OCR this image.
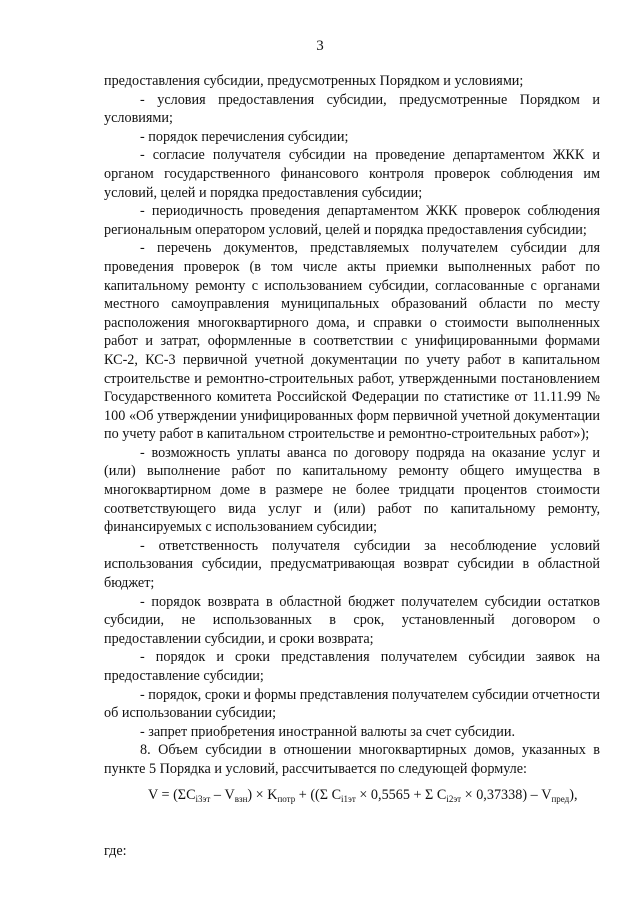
3

предоставления субсидии, предусмотренных Порядком и условиями;

- условия предоставления субсидии, предусмотренные Порядком и условиями;

- порядок перечисления субсидии;

- согласие получателя субсидии на проведение департаментом ЖКК и органом государственного финансового контроля проверок соблюдения им условий, целей и порядка предоставления субсидии;

- периодичность проведения департаментом ЖКК проверок соблюдения региональным оператором условий, целей и порядка предоставления субсидии;

- перечень документов, представляемых получателем субсидии для проведения проверок (в том числе акты приемки выполненных работ по капитальному ремонту с использованием субсидии, согласованные с органами местного самоуправления муниципальных образований области по месту расположения многоквартирного дома, и справки о стоимости выполненных работ и затрат, оформленные в соответствии с унифицированными формами КС-2, КС-3 первичной учетной документации по учету работ в капитальном строительстве и ремонтно-строительных работ, утвержденными постановлением Государственного комитета Российской Федерации по статистике от 11.11.99 № 100 «Об утверждении унифицированных форм первичной учетной документации по учету работ в капитальном строительстве и ремонтно-строительных работ»);

- возможность уплаты аванса по договору подряда на оказание услуг и (или) выполнение работ по капитальному ремонту общего имущества в многоквартирном доме в размере не более тридцати процентов стоимости соответствующего вида услуг и (или) работ по капитальному ремонту, финансируемых с использованием субсидии;

- ответственность получателя субсидии за несоблюдение условий использования субсидии, предусматривающая возврат субсидии в областной бюджет;

- порядок возврата в областной бюджет получателем субсидии остатков субсидии, не использованных в срок, установленный договором о предоставлении субсидии, и сроки возврата;

- порядок и сроки представления получателем субсидии заявок на предоставление субсидии;

- порядок, сроки и формы представления получателем субсидии отчетности об использовании субсидии;

- запрет приобретения иностранной валюты за счет субсидии.

8. Объем субсидии в отношении многоквартирных домов, указанных в пункте 5 Порядка и условий, рассчитывается по следующей формуле:

$V = (\Sigma C_{i3эт} - V_{взн}) \times K_{потр} + ((\Sigma$ $C_{i1эт} \times 0,5565 + \Sigma$ $C_{i2эт} \times 0,37338) - V_{пред}$),
где:
